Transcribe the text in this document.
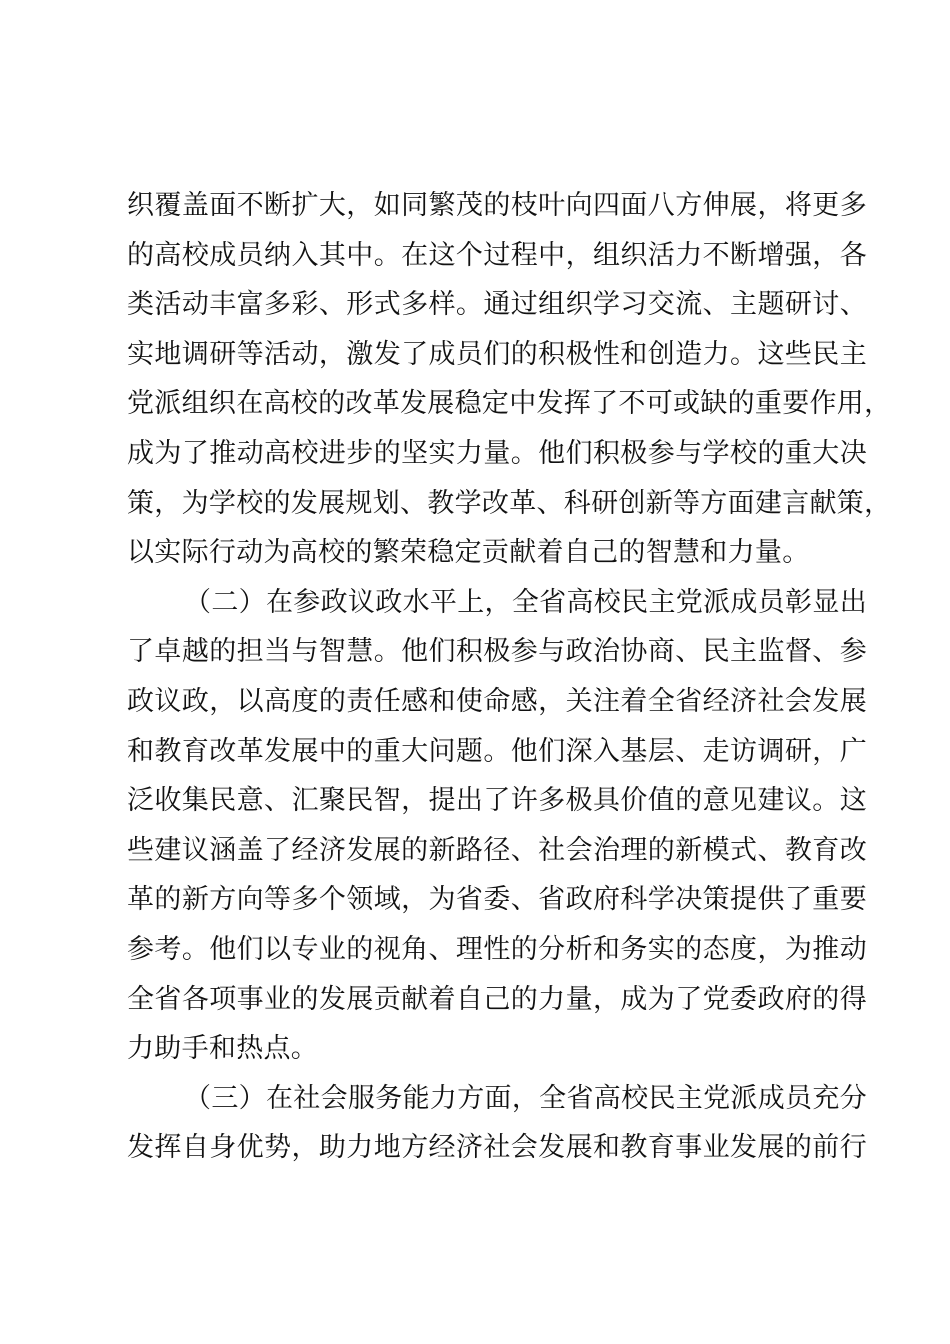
织覆盖面不断扩大，如同繁茂的枝叶向四面八方伸展，将更多
的高校成员纳入其中。在这个过程中，组织活力不断增强，各
类活动丰富多彩、形式多样。通过组织学习交流、主题研讨、
实地调研等活动，激发了成员们的积极性和创造力。这些民主
党派组织在高校的改革发展稳定中发挥了不可或缺的重要作用，
成为了推动高校进步的坚实力量。他们积极参与学校的重大决
策，为学校的发展规划、教学改革、科研创新等方面建言献策，
以实际行动为高校的繁荣稳定贡献着自己的智慧和力量。
（二）在参政议政水平上，全省高校民主党派成员彰显出
了卓越的担当与智慧。他们积极参与政治协商、民主监督、参
政议政，以高度的责任感和使命感，关注着全省经济社会发展
和教育改革发展中的重大问题。他们深入基层、走访调研，广
泛收集民意、汇聚民智，提出了许多极具价值的意见建议。这
些建议涵盖了经济发展的新路径、社会治理的新模式、教育改
革的新方向等多个领域，为省委、省政府科学决策提供了重要
参考。他们以专业的视角、理性的分析和务实的态度，为推动
全省各项事业的发展贡献着自己的力量，成为了党委政府的得
力助手和热点。
（三）在社会服务能力方面，全省高校民主党派成员充分
发挥自身优势，助力地方经济社会发展和教育事业发展的前行
